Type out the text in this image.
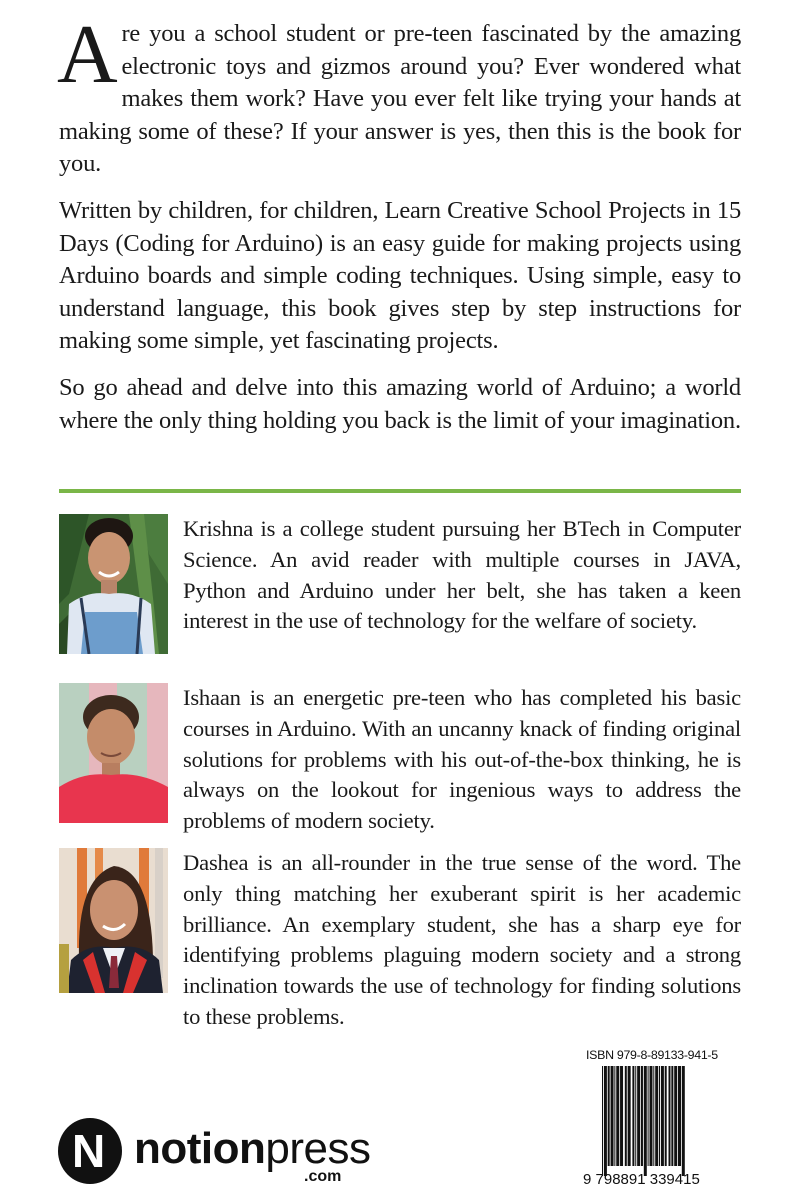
Are you a school student or pre-teen fascinated by the amazing electronic toys and gizmos around you? Ever wondered what makes them work? Have you ever felt like trying your hands at making some of these? If your answer is yes, then this is the book for you.

Written by children, for children, Learn Creative School Projects in 15 Days (Coding for Arduino) is an easy guide for making projects using Arduino boards and simple coding techniques. Using simple, easy to understand language, this book gives step by step instructions for making some simple, yet fascinating projects.

So go ahead and delve into this amazing world of Arduino; a world where the only thing holding you back is the limit of your imagination.

Krishna is a college student pursuing her BTech in Computer Science. An avid reader with multiple courses in JAVA, Python and Arduino under her belt, she has taken a keen interest in the use of technology for the welfare of society.
Ishaan is an energetic pre-teen who has completed his basic courses in Arduino. With an uncanny knack of finding original solutions for problems with his out-of-the-box thinking, he is always on the lookout for ingenious ways to address the problems of modern society.
Dashea is an all-rounder in the true sense of the word. The only thing matching her exuberant spirit is her academic brilliance. An exemplary student, she has a sharp eye for identifying problems plaguing modern society and a strong inclination towards the use of technology for finding solutions to these problems.
N notionpress
.com
ISBN 979-8-89133-941-5
9 798891 339415
